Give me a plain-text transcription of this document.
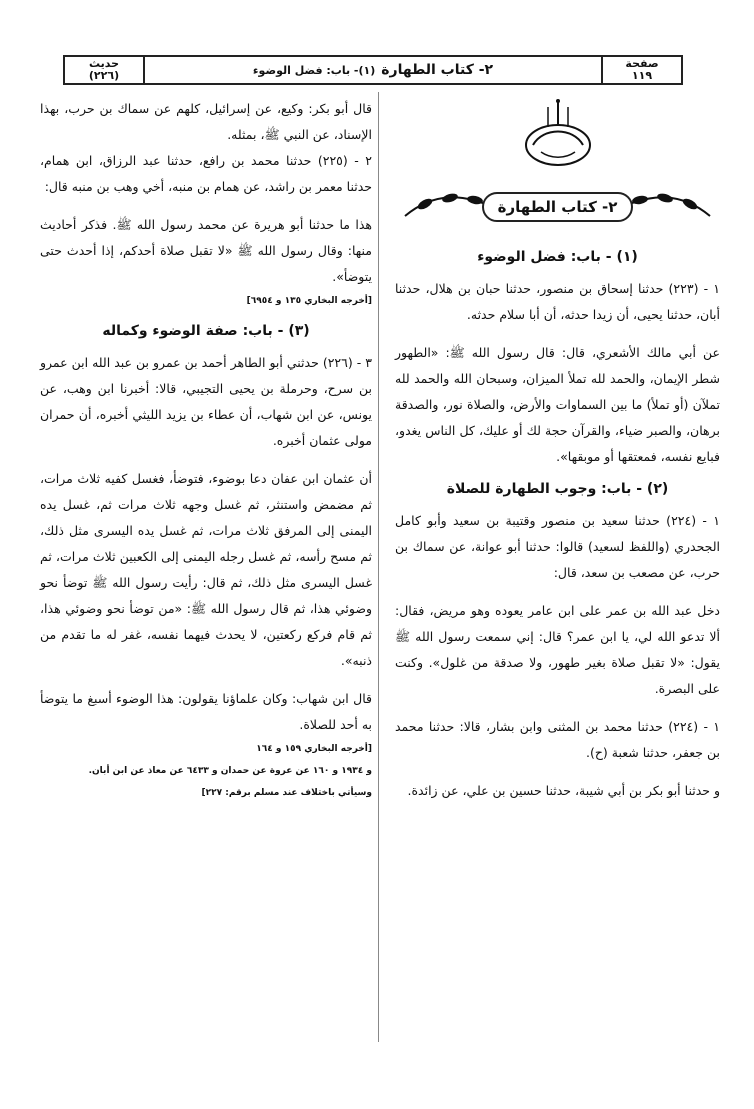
صفحة
١١٩
٢- كتاب الطهارة
(١)- باب: فضل الوضوء
حديث
(٢٢٦)
٢- كتاب الطهارة
(١) - باب: فضل الوضوء

١ - (٢٢٣) حدثنا إسحاق بن منصور، حدثنا حبان بن هلال، حدثنا أبان، حدثنا يحيى، أن زيدا حدثه، أن أبا سلام حدثه.

عن أبي مالك الأشعري، قال: قال رسول الله ﷺ: «الطهور شطر الإيمان، والحمد لله تملأ الميزان، وسبحان الله والحمد لله تملآن (أو تملأ) ما بين السماوات والأرض، والصلاة نور، والصدقة برهان، والصبر ضياء، والقرآن حجة لك أو عليك، كل الناس يغدو، فبايع نفسه، فمعتقها أو موبقها».

(٢) - باب: وجوب الطهارة للصلاة

١ - (٢٢٤) حدثنا سعيد بن منصور وقتيبة بن سعيد وأبو كامل الجحدري (واللفظ لسعيد) قالوا: حدثنا أبو عوانة، عن سماك بن حرب، عن مصعب بن سعد، قال:

دخل عبد الله بن عمر على ابن عامر يعوده وهو مريض، فقال: ألا تدعو الله لي، يا ابن عمر؟ قال: إني سمعت رسول الله ﷺ يقول: «لا تقبل صلاة بغير طهور، ولا صدقة من غلول». وكنت على البصرة.

١ - (٢٢٤) حدثنا محمد بن المثنى وابن بشار، قالا: حدثنا محمد بن جعفر، حدثنا شعبة (ح).

و حدثنا أبو بكر بن أبي شيبة، حدثنا حسين بن علي، عن زائدة.

قال أبو بكر: وكيع، عن إسرائيل، كلهم عن سماك بن حرب، بهذا الإسناد، عن النبي ﷺ، بمثله.

٢ - (٢٢٥) حدثنا محمد بن رافع، حدثنا عبد الرزاق، ابن همام، حدثنا معمر بن راشد، عن همام بن منبه، أخي وهب بن منبه قال:

هذا ما حدثنا أبو هريرة عن محمد رسول الله ﷺ. فذكر أحاديث منها: وقال رسول الله ﷺ «لا تقبل صلاة أحدكم، إذا أحدث حتى يتوضأ».

[أخرجه البخاري ١٣٥ و ٦٩٥٤]

(٣) - باب: صفة الوضوء وكماله

٣ - (٢٢٦) حدثني أبو الطاهر أحمد بن عمرو بن عبد الله ابن عمرو بن سرح، وحرملة بن يحيى التجيبي، قالا: أخبرنا ابن وهب، عن يونس، عن ابن شهاب، أن عطاء بن يزيد الليثي أخبره، أن حمران مولى عثمان أخبره.

أن عثمان ابن عفان دعا بوضوء، فتوضأ، فغسل كفيه ثلاث مرات، ثم مضمض واستنثر، ثم غسل وجهه ثلاث مرات ثم، غسل يده اليمنى إلى المرفق ثلاث مرات، ثم غسل يده اليسرى مثل ذلك، ثم مسح رأسه، ثم غسل رجله اليمنى إلى الكعبين ثلاث مرات، ثم غسل اليسرى مثل ذلك، ثم قال: رأيت رسول الله ﷺ توضأ نحو وضوئي هذا، ثم قال رسول الله ﷺ: «من توضأ نحو وضوئي هذا، ثم قام فركع ركعتين، لا يحدث فيهما نفسه، غفر له ما تقدم من ذنبه».

قال ابن شهاب: وكان علماؤنا يقولون: هذا الوضوء أسبغ ما يتوضأ به أحد للصلاة.

[أخرجه البخاري ١٥٩ و ١٦٤

و ١٩٣٤ و ١٦٠ عن عروة عن حمدان و ٦٤٣٣ عن معاذ عن ابن أبان.

وسيأتي باختلاف عند مسلم برقم: ٢٢٧]
